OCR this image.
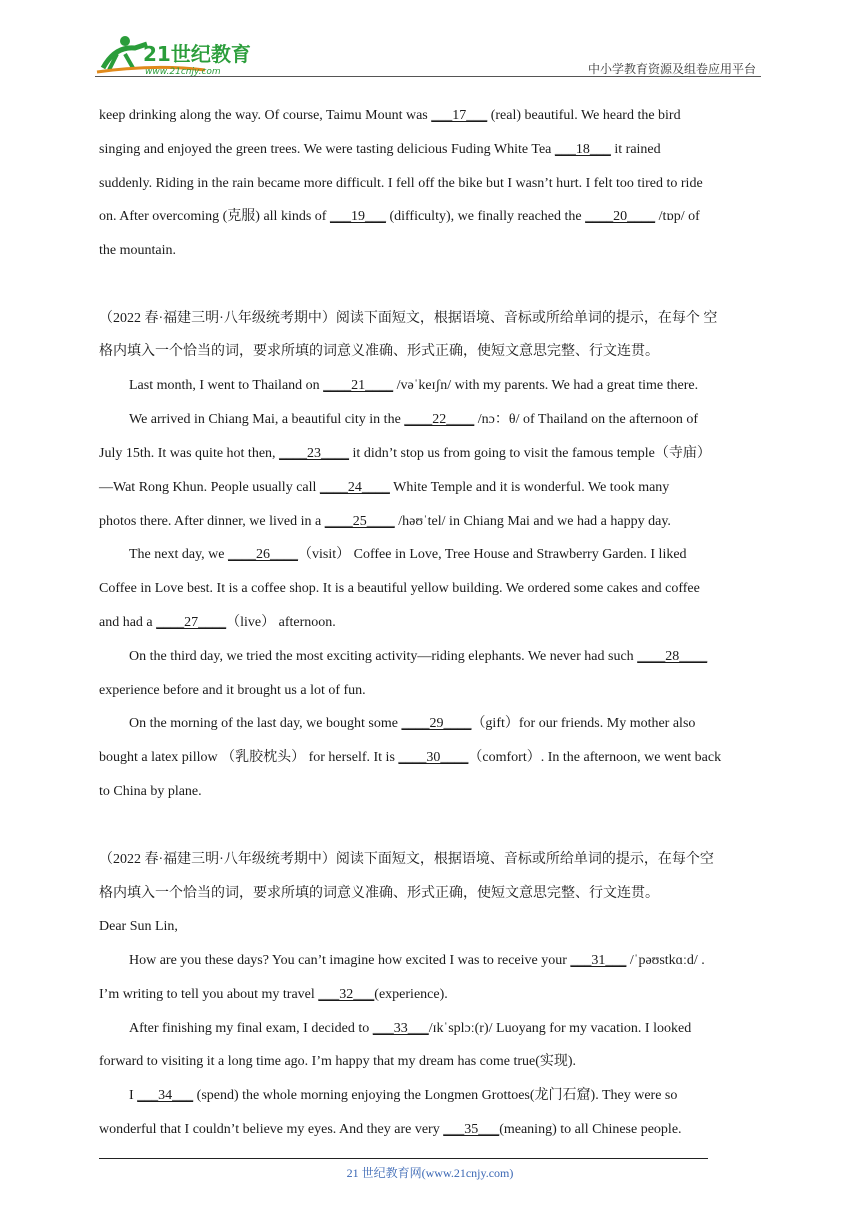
21世纪教育
www.21cnjy.com	中小学教育资源及组卷应用平台
keep drinking along the way. Of course, Taimu Mount was ___17___ (real) beautiful. We heard the bird
singing and enjoyed the green trees. We were tasting delicious Fuding White Tea ___18___ it rained
suddenly. Riding in the rain became more difficult. I fell off the bike but I wasn’t hurt. I felt too tired to ride
on. After overcoming (克服) all kinds of ___19___ (difficulty), we finally reached the ____20____ /tɒp/ of
the mountain.
（2022 春·福建三明·八年级统考期中）阅读下面短文，根据语境、音标或所给单词的提示，在每个 空
格内填入一个恰当的词，要求所填的词意义准确、形式正确，使短文意思完整、行文连贯。
Last month, I went to Thailand on ____21____ /vəˈkeɪʃn/ with my parents. We had a great time there.
We arrived in Chiang Mai, a beautiful city in the ____22____ /nɔ：θ/ of Thailand on the afternoon of
July 15th. It was quite hot then, ____23____ it didn’t stop us from going to visit the famous temple（寺庙）
—Wat Rong Khun. People usually call ____24____ White Temple and it is wonderful. We took many
photos there. After dinner, we lived in a ____25____ /həʊˈtel/ in Chiang Mai and we had a happy day.
The next day, we ____26____（visit） Coffee in Love, Tree House and Strawberry Garden. I liked
Coffee in Love best. It is a coffee shop. It is a beautiful yellow building. We ordered some cakes and coffee
and had a ____27____（live） afternoon.
On the third day, we tried the most exciting activity—riding elephants. We never had such ____28____
experience before and it brought us a lot of fun.
On the morning of the last day, we bought some ____29____（gift）for our friends. My mother also
bought a latex pillow （乳胶枕头） for herself. It is ____30____（comfort）. In the afternoon, we went back
to China by plane.
（2022 春·福建三明·八年级统考期中）阅读下面短文，根据语境、音标或所给单词的提示，在每个空
格内填入一个恰当的词，要求所填的词意义准确、形式正确，使短文意思完整、行文连贯。
Dear Sun Lin,
How are you these days? You can’t imagine how excited I was to receive your ___31___ /ˈpəʊstkɑːd/ .
I’m writing to tell you about my travel ___32___(experience).
After finishing my final exam, I decided to ___33___/ɪkˈsplɔː(r)/ Luoyang for my vacation. I looked
forward to visiting it a long time ago. I’m happy that my dream has come true(实现).
I ___34___ (spend) the whole morning enjoying the Longmen Grottoes(龙门石窟). They were so
wonderful that I couldn’t believe my eyes. And they are very ___35___(meaning) to all Chinese people.
21 世纪教育网(www.21cnjy.com)
